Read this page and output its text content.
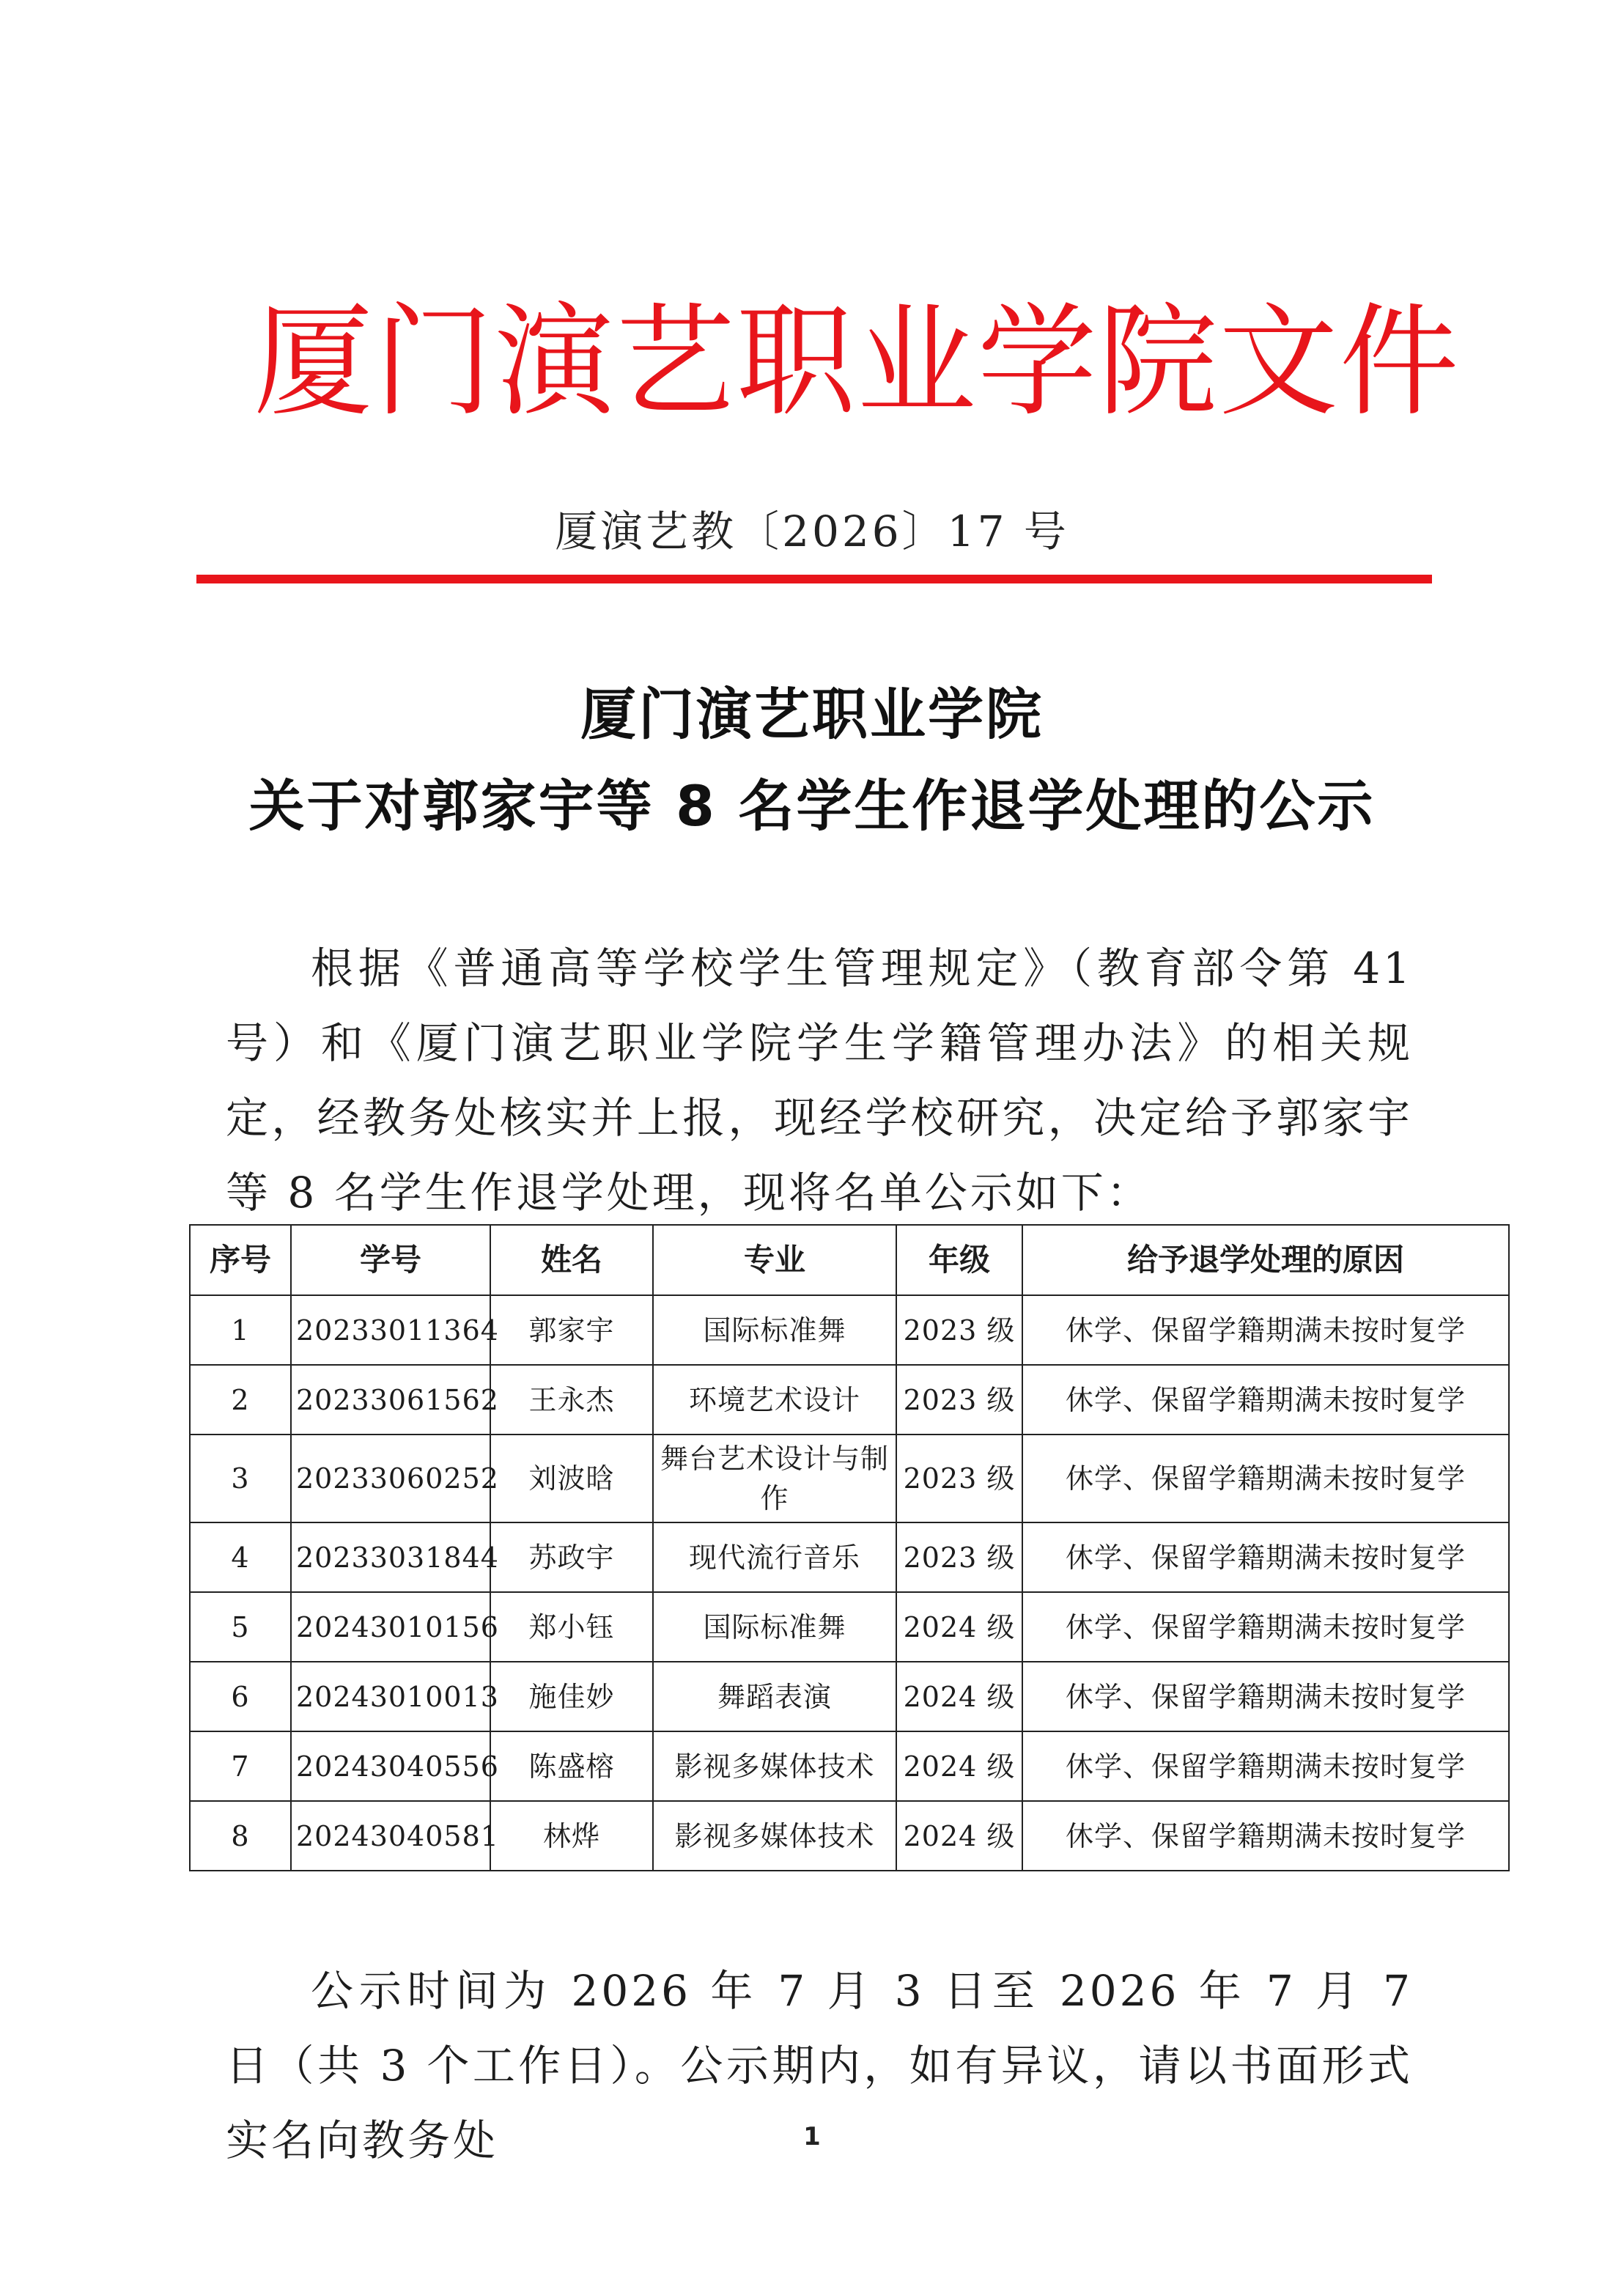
厦门演艺职业学院文件
厦演艺教〔2026〕17 号
厦门演艺职业学院
关于对郭家宇等 8 名学生作退学处理的公示

根据《普通高等学校学生管理规定》（教育部令第 41 号）和《厦门演艺职业学院学生学籍管理办法》的相关规定，经教务处核实并上报，现经学校研究，决定给予郭家宇等 8 名学生作退学处理，现将名单公示如下：

序号	学号	姓名	专业	年级	给予退学处理的原因
1	20233011364	郭家宇	国际标准舞	2023 级	休学、保留学籍期满未按时复学
2	20233061562	王永杰	环境艺术设计	2023 级	休学、保留学籍期满未按时复学
3	20233060252	刘波晗	舞台艺术设计与制作	2023 级	休学、保留学籍期满未按时复学
4	20233031844	苏政宇	现代流行音乐	2023 级	休学、保留学籍期满未按时复学
5	20243010156	郑小钰	国际标准舞	2024 级	休学、保留学籍期满未按时复学
6	20243010013	施佳妙	舞蹈表演	2024 级	休学、保留学籍期满未按时复学
7	20243040556	陈盛榕	影视多媒体技术	2024 级	休学、保留学籍期满未按时复学
8	20243040581	林烨	影视多媒体技术	2024 级	休学、保留学籍期满未按时复学

公示时间为 2026 年 7 月 3 日至 2026 年 7 月 7 日（共 3 个工作日）。公示期内，如有异议，请以书面形式实名向教务处	1
